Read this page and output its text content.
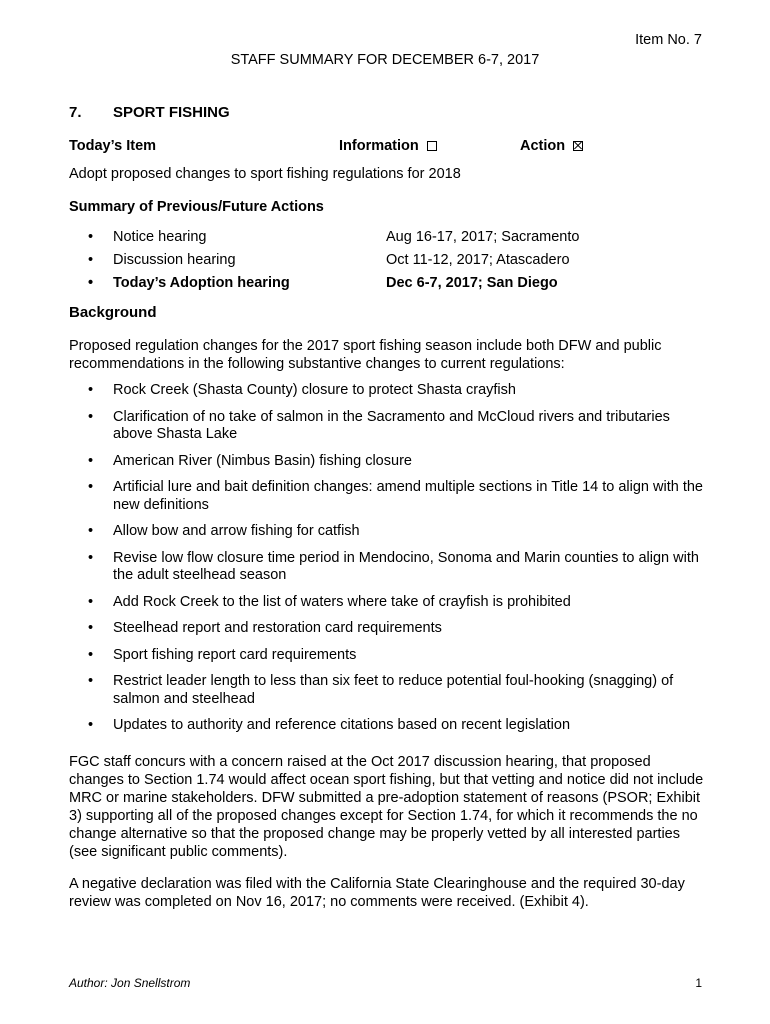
Item No. 7
STAFF SUMMARY FOR DECEMBER 6-7, 2017
7. SPORT FISHING
Today’s Item	Information	Action
Adopt proposed changes to sport fishing regulations for 2018
Summary of Previous/Future Actions
•	Notice hearing	Aug 16-17, 2017; Sacramento
•	Discussion hearing	Oct 11-12, 2017; Atascadero
•	Today’s Adoption hearing	Dec 6-7, 2017; San Diego
Background
Proposed regulation changes for the 2017 sport fishing season include both DFW and public recommendations in the following substantive changes to current regulations:
•	Rock Creek (Shasta County) closure to protect Shasta crayfish
•	Clarification of no take of salmon in the Sacramento and McCloud rivers and tributaries above Shasta Lake
•	American River (Nimbus Basin) fishing closure
•	Artificial lure and bait definition changes: amend multiple sections in Title 14 to align with the new definitions
•	Allow bow and arrow fishing for catfish
•	Revise low flow closure time period in Mendocino, Sonoma and Marin counties to align with the adult steelhead season
•	Add Rock Creek to the list of waters where take of crayfish is prohibited
•	Steelhead report and restoration card requirements
•	Sport fishing report card requirements
•	Restrict leader length to less than six feet to reduce potential foul-hooking (snagging) of salmon and steelhead
•	Updates to authority and reference citations based on recent legislation
FGC staff concurs with a concern raised at the Oct 2017 discussion hearing, that proposed changes to Section 1.74 would affect ocean sport fishing, but that vetting and notice did not include MRC or marine stakeholders. DFW submitted a pre-adoption statement of reasons (PSOR; Exhibit 3) supporting all of the proposed changes except for Section 1.74, for which it recommends the no change alternative so that the proposed change may be properly vetted by all interested parties (see significant public comments).
A negative declaration was filed with the California State Clearinghouse and the required 30-day review was completed on Nov 16, 2017; no comments were received. (Exhibit 4).
Author: Jon Snellstrom	1
